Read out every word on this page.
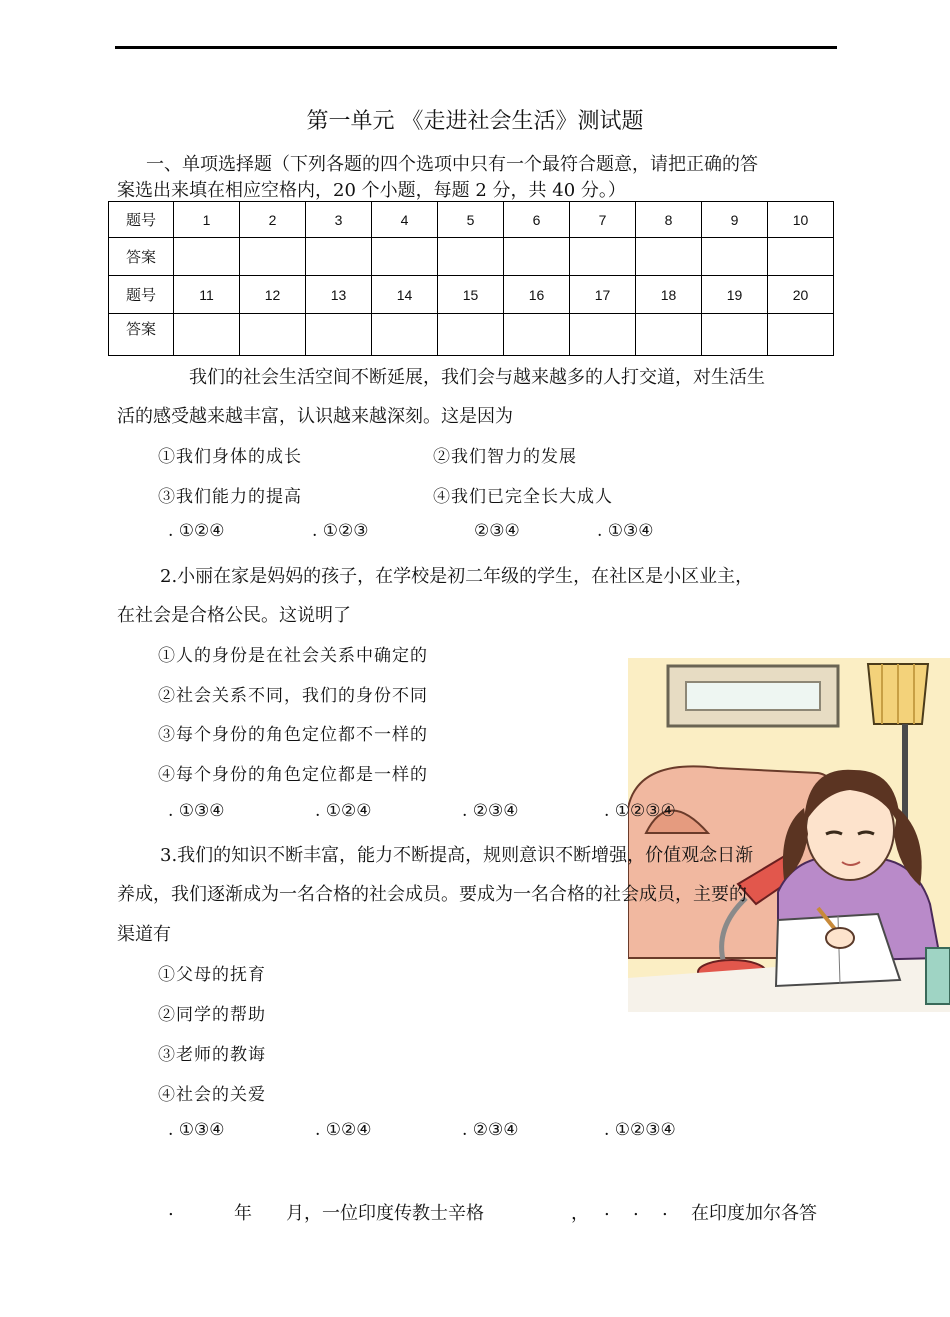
第一单元 《走进社会生活》测试题
一、单项选择题（下列各题的四个选项中只有一个最符合题意，请把正确的答
案选出来填在相应空格内，20 个小题，每题 2 分，共 40 分。）
题号	1	2	3	4	5	6	7	8	9	10
答案										
题号	11	12	13	14	15	16	17	18	19	20
答案										
我们的社会生活空间不断延展，我们会与越来越多的人打交道，对生活生
活的感受越来越丰富，认识越来越深刻。这是因为
①我们身体的成长	②我们智力的发展
③我们能力的提高	④我们已完全长大成人
. ①②④	. ①②③	②③④	. ①③④
2.小丽在家是妈妈的孩子，在学校是初二年级的学生，在社区是小区业主，
在社会是合格公民。这说明了
①人的身份是在社会关系中确定的
②社会关系不同，我们的身份不同
③每个身份的角色定位都不一样的
④每个身份的角色定位都是一样的
. ①③④	. ①②④	. ②③④	. ①②③④
3.我们的知识不断丰富，能力不断提高，规则意识不断增强，价值观念日渐
养成，我们逐渐成为一名合格的社会成员。要成为一名合格的社会成员，主要的
渠道有
①父母的抚育
②同学的帮助
③老师的教诲
④社会的关爱
. ①③④	. ①②④	. ②③④	. ①②③④
.	年 月，一位印度传教士辛格	， . . . 在印度加尔各答
